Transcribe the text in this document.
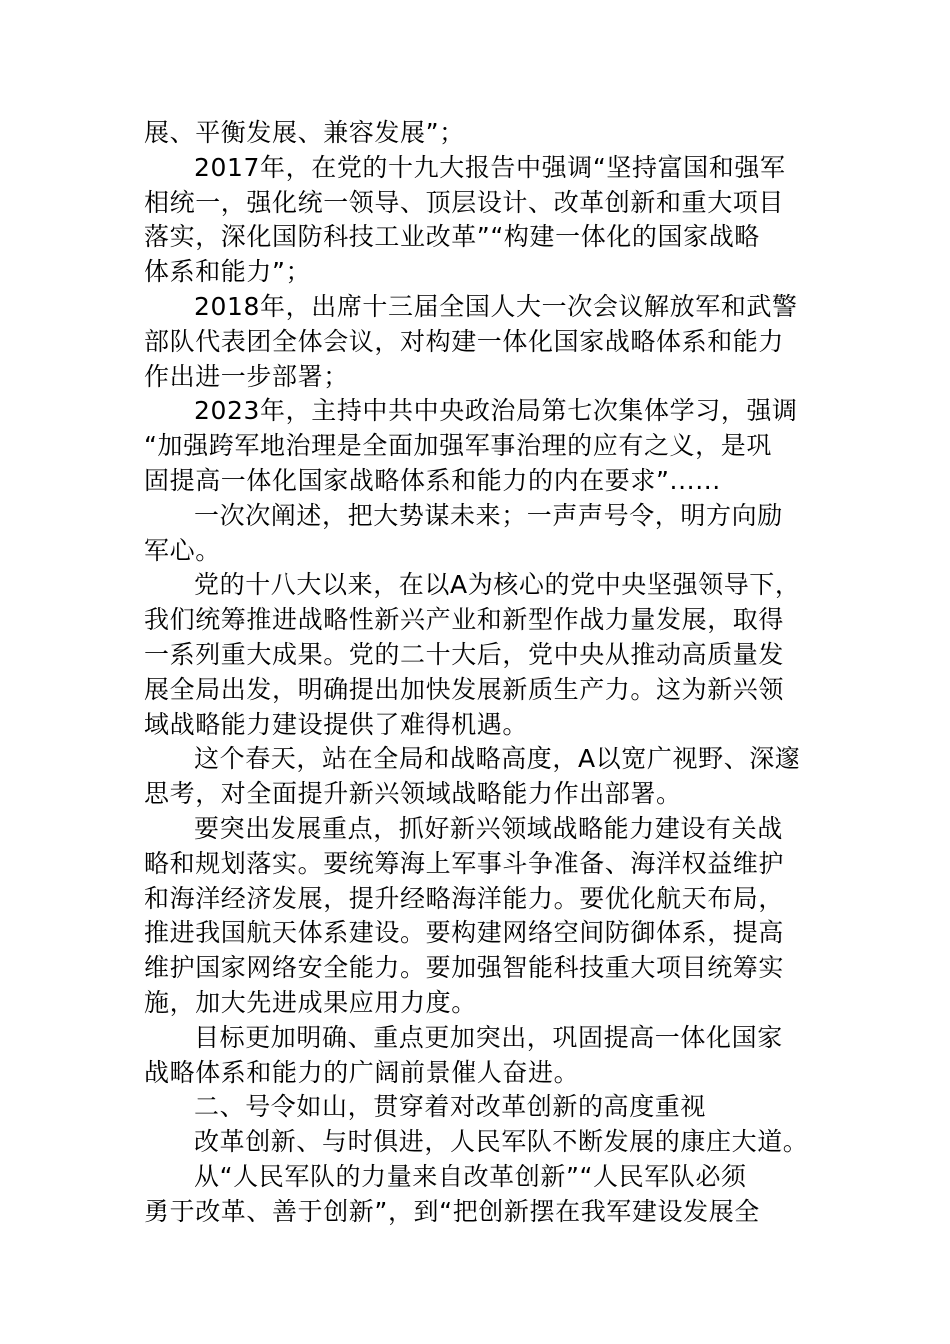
展、平衡发展、兼容发展”；
2017年，在党的十九大报告中强调“坚持富国和强军
相统一，强化统一领导、顶层设计、改革创新和重大项目
落实，深化国防科技工业改革”“构建一体化的国家战略
体系和能力”；
2018年，出席十三届全国人大一次会议解放军和武警
部队代表团全体会议，对构建一体化国家战略体系和能力
作出进一步部署；
2023年，主持中共中央政治局第七次集体学习，强调
“加强跨军地治理是全面加强军事治理的应有之义，是巩
固提高一体化国家战略体系和能力的内在要求”......
一次次阐述，把大势谋未来；一声声号令，明方向励
军心。
党的十八大以来，在以A为核心的党中央坚强领导下，
我们统筹推进战略性新兴产业和新型作战力量发展，取得
一系列重大成果。党的二十大后，党中央从推动高质量发
展全局出发，明确提出加快发展新质生产力。这为新兴领
域战略能力建设提供了难得机遇。
这个春天，站在全局和战略高度，A以宽广视野、深邃
思考，对全面提升新兴领域战略能力作出部署。
要突出发展重点，抓好新兴领域战略能力建设有关战
略和规划落实。要统筹海上军事斗争准备、海洋权益维护
和海洋经济发展，提升经略海洋能力。要优化航天布局，
推进我国航天体系建设。要构建网络空间防御体系，提高
维护国家网络安全能力。要加强智能科技重大项目统筹实
施，加大先进成果应用力度。
目标更加明确、重点更加突出，巩固提高一体化国家
战略体系和能力的广阔前景催人奋进。
二、号令如山，贯穿着对改革创新的高度重视
改革创新、与时俱进，人民军队不断发展的康庄大道。
从“人民军队的力量来自改革创新”“人民军队必须
勇于改革、善于创新”，到“把创新摆在我军建设发展全
